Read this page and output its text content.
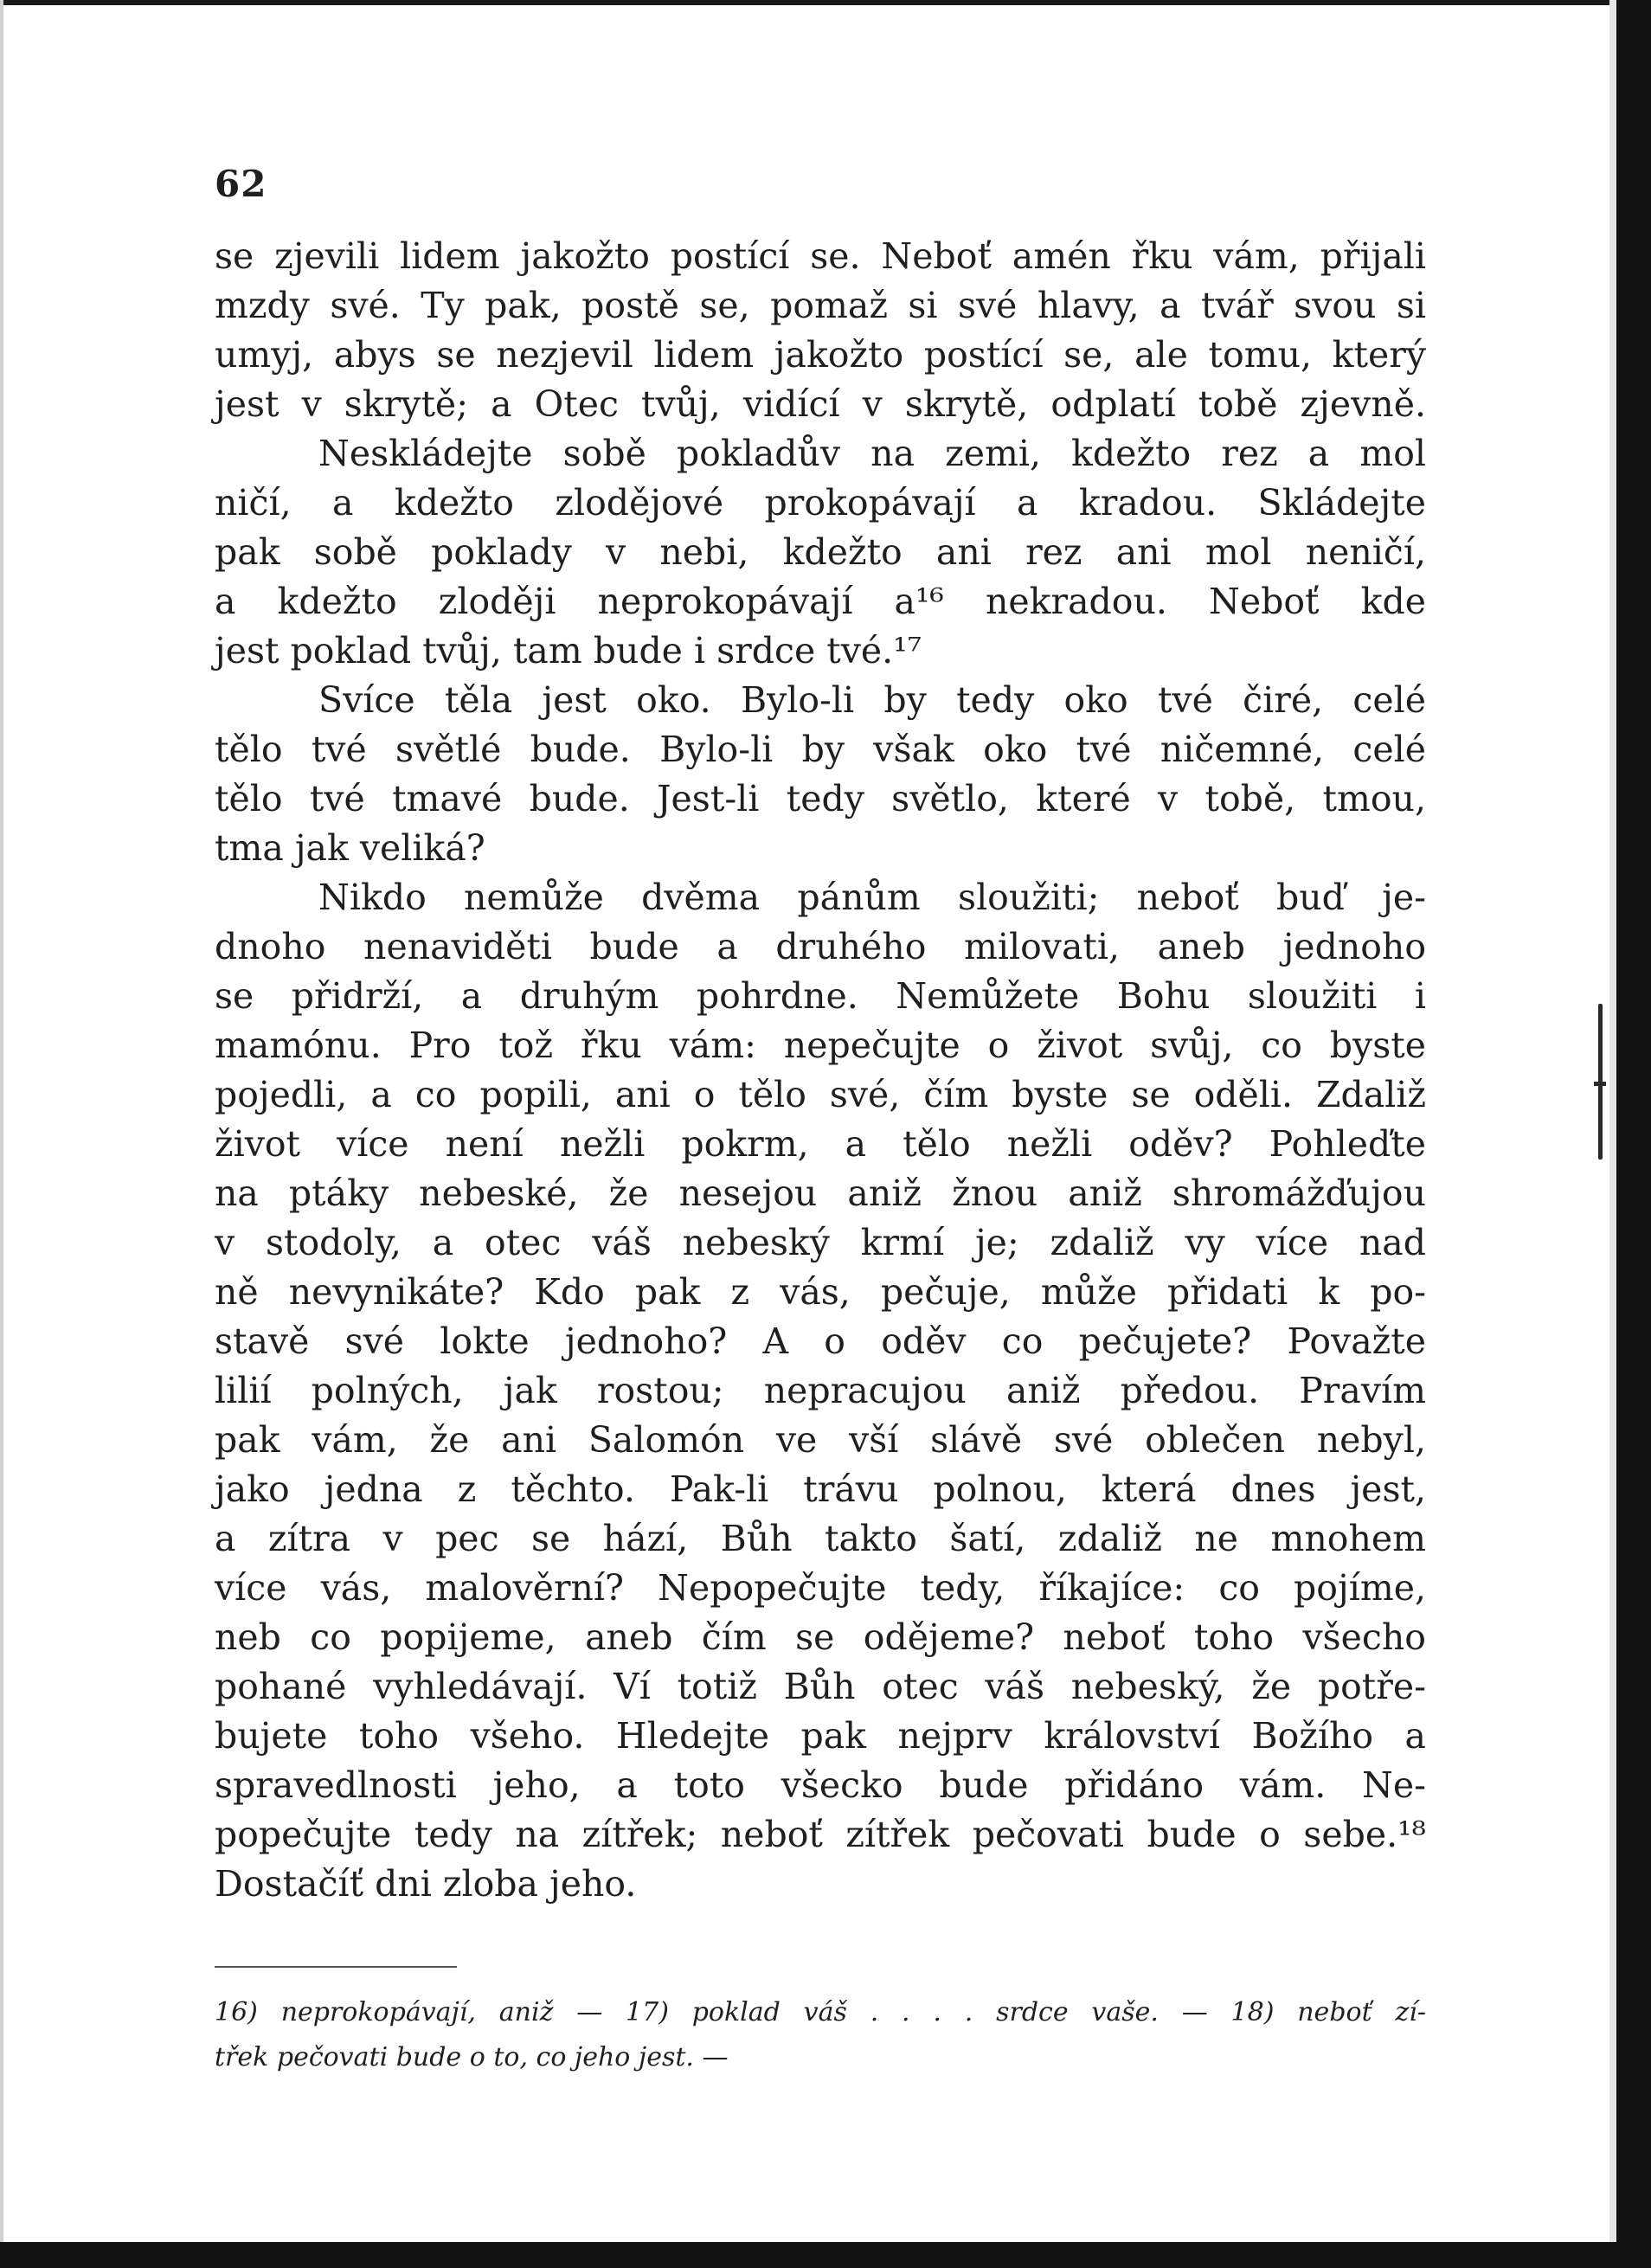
62
se zjevili lidem jakožto postící se. Neboť amén řku vám, přijali
mzdy své. Ty pak, postě se, pomaž si své hlavy, a tvář svou si
umyj, abys se nezjevil lidem jakožto postící se, ale tomu, který
jest v skrytě; a Otec tvůj, vidící v skrytě, odplatí tobě zjevně.
Neskládejte sobě pokladův na zemi, kdežto rez a mol
ničí, a kdežto zlodějové prokopávají a kradou. Skládejte
pak sobě poklady v nebi, kdežto ani rez ani mol neničí,
a kdežto zloději neprokopávají a¹⁶ nekradou. Neboť kde
jest poklad tvůj, tam bude i srdce tvé.¹⁷
Svíce těla jest oko. Bylo-li by tedy oko tvé čiré, celé
tělo tvé světlé bude. Bylo-li by však oko tvé ničemné, celé
tělo tvé tmavé bude. Jest-li tedy světlo, které v tobě, tmou,
tma jak veliká?
Nikdo nemůže dvěma pánům sloužiti; neboť buď je-
dnoho nenaviděti bude a druhého milovati, aneb jednoho
se přidrží, a druhým pohrdne. Nemůžete Bohu sloužiti i
mamónu. Pro tož řku vám: nepečujte o život svůj, co byste
pojedli, a co popili, ani o tělo své, čím byste se oděli. Zdaliž
život více není nežli pokrm, a tělo nežli oděv? Pohleďte
na ptáky nebeské, že nesejou aniž žnou aniž shromážďujou
v stodoly, a otec váš nebeský krmí je; zdaliž vy více nad
ně nevynikáte? Kdo pak z vás, pečuje, může přidati k po-
stavě své lokte jednoho? A o oděv co pečujete? Považte
lilií polných, jak rostou; nepracujou aniž předou. Pravím
pak vám, že ani Salomón ve vší slávě své oblečen nebyl,
jako jedna z těchto. Pak-li trávu polnou, která dnes jest,
a zítra v pec se hází, Bůh takto šatí, zdaliž ne mnohem
více vás, malověrní? Nepopečujte tedy, říkajíce: co pojíme,
neb co popijeme, aneb čím se oděјeme? neboť toho všecho
pohané vyhledávají. Ví totiž Bůh otec váš nebeský, že potře-
bujete toho všeho. Hledejte pak nejprv království Božího a
spravedlnosti jeho, a toto všecko bude přidáno vám. Ne-
popečujte tedy na zítřek; neboť zítřek pečovati bude o sebe.¹⁸
Dostačíť dni zloba jeho.
16) neprokopávají, aniž — 17) poklad váš . . . . srdce vaše. — 18) neboť zí-
třek pečovati bude o to, co jeho jest. —
